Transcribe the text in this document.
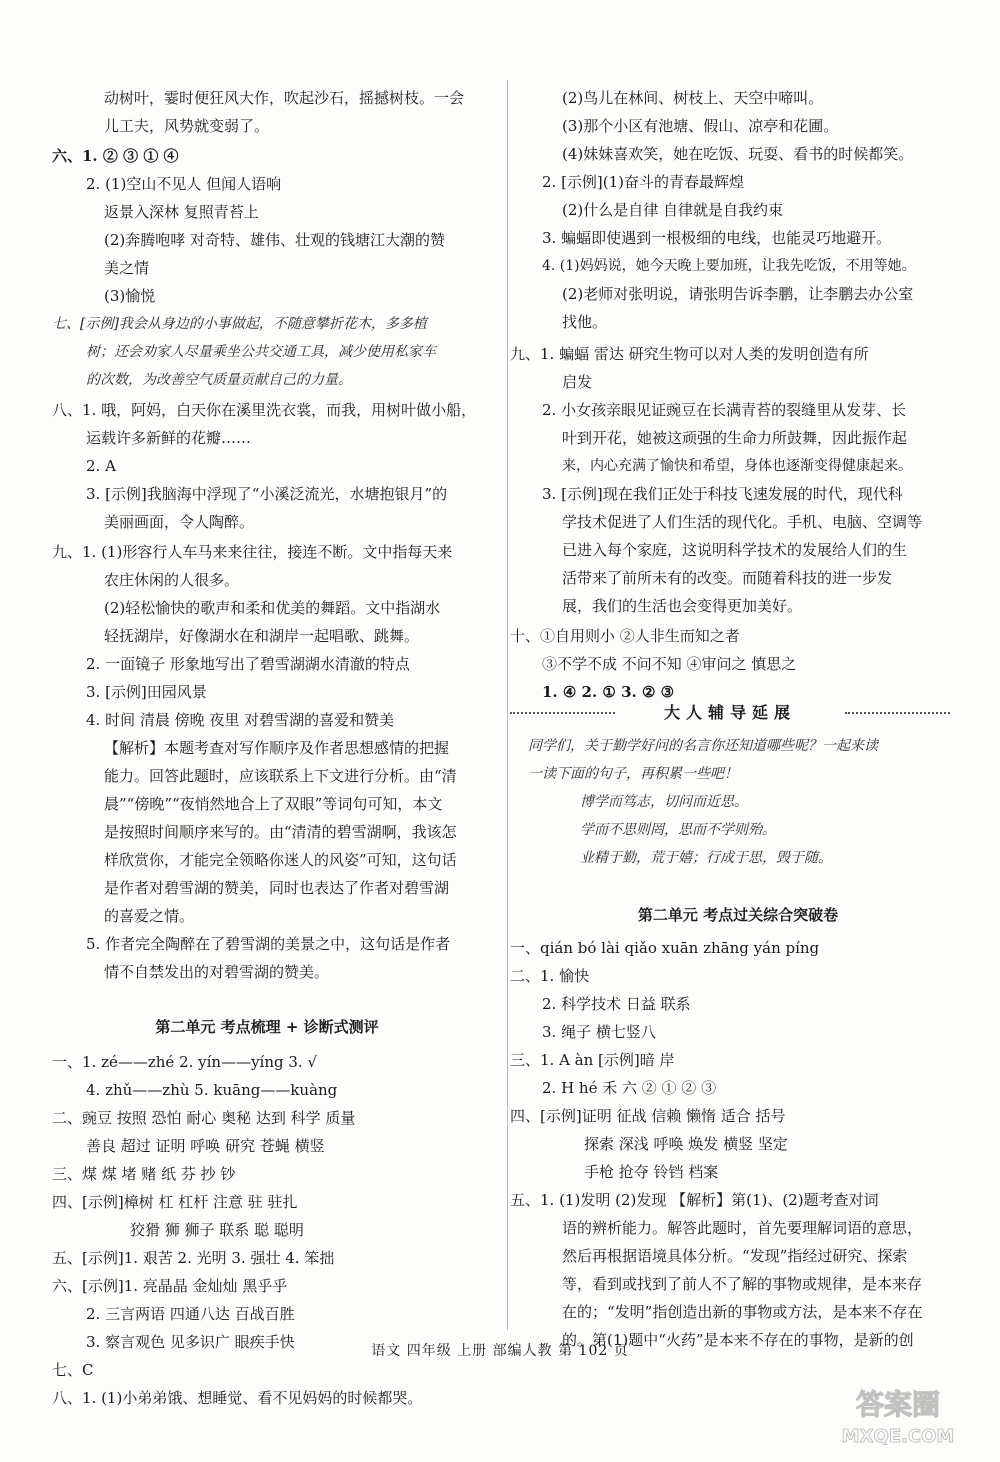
动树叶，霎时便狂风大作，吹起沙石，摇撼树枝。一会
儿工夫，风势就变弱了。
六、1. ② ③ ① ④
2. (1)空山不见人 但闻人语响
返景入深林 复照青苔上
(2)奔腾咆哮 对奇特、雄伟、壮观的钱塘江大潮的赞
美之情
(3)愉悦
七、[示例]我会从身边的小事做起，不随意攀折花木，多多植
树；还会劝家人尽量乘坐公共交通工具，减少使用私家车
的次数，为改善空气质量贡献自己的力量。
八、1. 哦，阿妈，白天你在溪里洗衣裳，而我，用树叶做小船，
运载许多新鲜的花瓣……
2. A
3. [示例]我脑海中浮现了“小溪泛流光，水塘抱银月”的
美丽画面，令人陶醉。
九、1. (1)形容行人车马来来往往，接连不断。文中指每天来
农庄休闲的人很多。
(2)轻松愉快的歌声和柔和优美的舞蹈。文中指湖水
轻抚湖岸，好像湖水在和湖岸一起唱歌、跳舞。
2. 一面镜子 形象地写出了碧雪湖湖水清澈的特点
3. [示例]田园风景
4. 时间 清晨 傍晚 夜里 对碧雪湖的喜爱和赞美
【解析】本题考查对写作顺序及作者思想感情的把握
能力。回答此题时，应该联系上下文进行分析。由“清
晨”“傍晚”“夜悄然地合上了双眼”等词句可知，本文
是按照时间顺序来写的。由“清清的碧雪湖啊，我该怎
样欣赏你，才能完全领略你迷人的风姿”可知，这句话
是作者对碧雪湖的赞美，同时也表达了作者对碧雪湖
的喜爱之情。
5. 作者完全陶醉在了碧雪湖的美景之中，这句话是作者
情不自禁发出的对碧雪湖的赞美。
第二单元 考点梳理 + 诊断式测评
一、1. zé——zhé 2. yín——yíng 3. √
4. zhǔ——zhù 5. kuāng——kuàng
二、豌豆 按照 恐怕 耐心 奥秘 达到 科学 质量
善良 超过 证明 呼唤 研究 苍蝇 横竖
三、煤 煤 堵 赌 纸 芬 抄 钞
四、[示例]樟树 杠 杠杆 注意 驻 驻扎
狡猾 狮 狮子 联系 聪 聪明
五、[示例]1. 艰苦 2. 光明 3. 强壮 4. 笨拙
六、[示例]1. 亮晶晶 金灿灿 黑乎乎
2. 三言两语 四通八达 百战百胜
3. 察言观色 见多识广 眼疾手快
七、C
八、1. (1)小弟弟饿、想睡觉、看不见妈妈的时候都哭。
(2)鸟儿在林间、树枝上、天空中啼叫。
(3)那个小区有池塘、假山、凉亭和花圃。
(4)妹妹喜欢笑，她在吃饭、玩耍、看书的时候都笑。
2. [示例](1)奋斗的青春最辉煌
(2)什么是自律 自律就是自我约束
3. 蝙蝠即使遇到一根极细的电线，也能灵巧地避开。
4. (1)妈妈说，她今天晚上要加班，让我先吃饭，不用等她。
(2)老师对张明说，请张明告诉李鹏，让李鹏去办公室
找他。
九、1. 蝙蝠 雷达 研究生物可以对人类的发明创造有所
启发
2. 小女孩亲眼见证豌豆在长满青苔的裂缝里从发芽、长
叶到开花，她被这顽强的生命力所鼓舞，因此振作起
来，内心充满了愉快和希望，身体也逐渐变得健康起来。
3. [示例]现在我们正处于科技飞速发展的时代，现代科
学技术促进了人们生活的现代化。手机、电脑、空调等
已进入每个家庭，这说明科学技术的发展给人们的生
活带来了前所未有的改变。而随着科技的进一步发
展，我们的生活也会变得更加美好。
十、①自用则小 ②人非生而知之者
③不学不成 不问不知 ④审问之 慎思之
1. ④ 2. ① 3. ② ③
大人辅导延展
同学们，关于勤学好问的名言你还知道哪些呢？一起来读
一读下面的句子，再积累一些吧！
博学而笃志，切问而近思。
学而不思则罔，思而不学则殆。
业精于勤，荒于嬉；行成于思，毁于随。
第二单元 考点过关综合突破卷
一、qián bó lài qiǎo xuān zhāng yán píng
二、1. 愉快
2. 科学技术 日益 联系
3. 绳子 横七竖八
三、1. A àn [示例]暗 岸
2. H hé 禾 六 ② ① ② ③
四、[示例]证明 征战 信赖 懒惰 适合 括号
探索 深浅 呼唤 焕发 横竖 坚定
手枪 抢夺 铃铛 档案
五、1. (1)发明 (2)发现 【解析】第(1)、(2)题考查对词
语的辨析能力。解答此题时，首先要理解词语的意思，
然后再根据语境具体分析。“发现”指经过研究、探索
等，看到或找到了前人不了解的事物或规律，是本来存
在的；“发明”指创造出新的事物或方法，是本来不存在
的。第(1)题中“火药”是本来不存在的事物，是新的创
语文 四年级 上册 部编人教 第 102 页
答案圈
MXQE.COM
